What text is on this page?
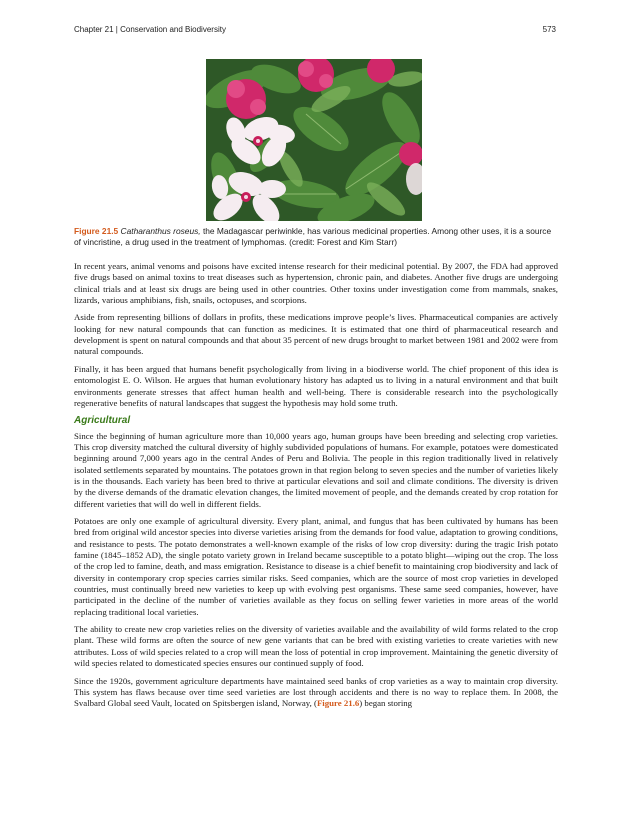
Chapter 21 | Conservation and Biodiversity	573
Figure 21.5 Catharanthus roseus, the Madagascar periwinkle, has various medicinal properties. Among other uses, it is a source of vincristine, a drug used in the treatment of lymphomas. (credit: Forest and Kim Starr)

In recent years, animal venoms and poisons have excited intense research for their medicinal potential. By 2007, the FDA had approved five drugs based on animal toxins to treat diseases such as hypertension, chronic pain, and diabetes. Another five drugs are undergoing clinical trials and at least six drugs are being used in other countries. Other toxins under investigation come from mammals, snakes, lizards, various amphibians, fish, snails, octopuses, and scorpions.

Aside from representing billions of dollars in profits, these medications improve people’s lives. Pharmaceutical companies are actively looking for new natural compounds that can function as medicines. It is estimated that one third of pharmaceutical research and development is spent on natural compounds and that about 35 percent of new drugs brought to market between 1981 and 2002 were from natural compounds.

Finally, it has been argued that humans benefit psychologically from living in a biodiverse world. The chief proponent of this idea is entomologist E. O. Wilson. He argues that human evolutionary history has adapted us to living in a natural environment and that built environments generate stresses that affect human health and well-being. There is considerable research into the psychologically regenerative benefits of natural landscapes that suggest the hypothesis may hold some truth.

Agricultural

Since the beginning of human agriculture more than 10,000 years ago, human groups have been breeding and selecting crop varieties. This crop diversity matched the cultural diversity of highly subdivided populations of humans. For example, potatoes were domesticated beginning around 7,000 years ago in the central Andes of Peru and Bolivia. The people in this region traditionally lived in relatively isolated settlements separated by mountains. The potatoes grown in that region belong to seven species and the number of varieties likely is in the thousands. Each variety has been bred to thrive at particular elevations and soil and climate conditions. The diversity is driven by the diverse demands of the dramatic elevation changes, the limited movement of people, and the demands created by crop rotation for different varieties that will do well in different fields.

Potatoes are only one example of agricultural diversity. Every plant, animal, and fungus that has been cultivated by humans has been bred from original wild ancestor species into diverse varieties arising from the demands for food value, adaptation to growing conditions, and resistance to pests. The potato demonstrates a well-known example of the risks of low crop diversity: during the tragic Irish potato famine (1845–1852 AD), the single potato variety grown in Ireland became susceptible to a potato blight—wiping out the crop. The loss of the crop led to famine, death, and mass emigration. Resistance to disease is a chief benefit to maintaining crop biodiversity and lack of diversity in contemporary crop species carries similar risks. Seed companies, which are the source of most crop varieties in developed countries, must continually breed new varieties to keep up with evolving pest organisms. These same seed companies, however, have participated in the decline of the number of varieties available as they focus on selling fewer varieties in more areas of the world replacing traditional local varieties.

The ability to create new crop varieties relies on the diversity of varieties available and the availability of wild forms related to the crop plant. These wild forms are often the source of new gene variants that can be bred with existing varieties to create varieties with new attributes. Loss of wild species related to a crop will mean the loss of potential in crop improvement. Maintaining the genetic diversity of wild species related to domesticated species ensures our continued supply of food.

Since the 1920s, government agriculture departments have maintained seed banks of crop varieties as a way to maintain crop diversity. This system has flaws because over time seed varieties are lost through accidents and there is no way to replace them. In 2008, the Svalbard Global seed Vault, located on Spitsbergen island, Norway, (Figure 21.6) began storing
